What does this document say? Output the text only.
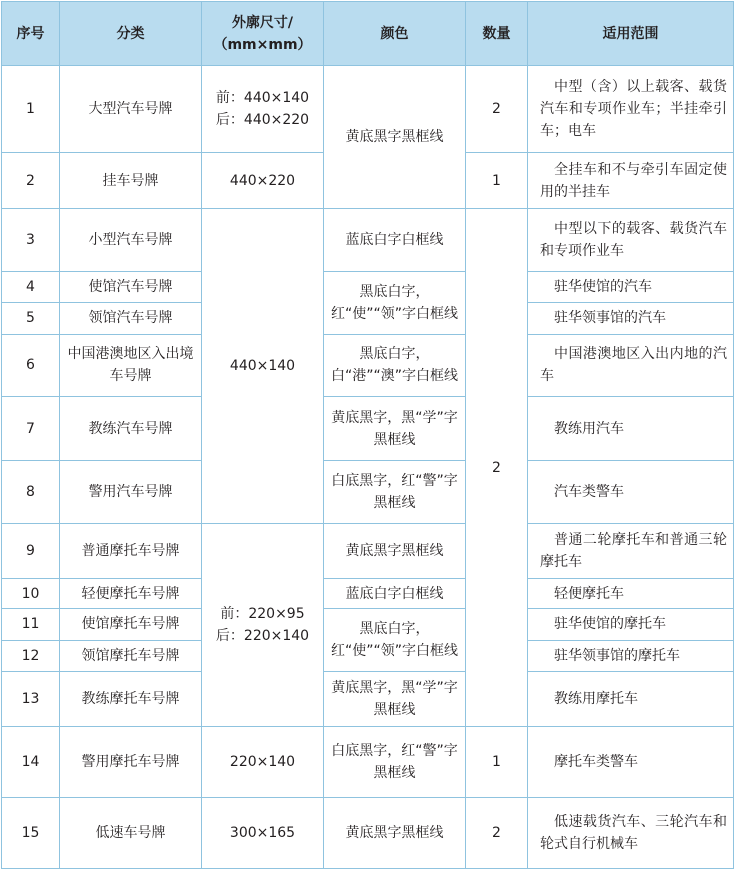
序号	分类	外廓尺寸/
（mm×mm）	颜色	数量	适用范围
1	大型汽车号牌	前：440×140
后：440×220	黄底黑字黑框线	2	中型（含）以上载客、载货汽车和专项作业车；半挂牵引车；电车
2	挂车号牌	440×220		1	全挂车和不与牵引车固定使用的半挂车
3	小型汽车号牌	440×140	蓝底白字白框线	2	中型以下的载客、载货汽车和专项作业车
4	使馆汽车号牌		黑底白字，红“使”“领”字白框线		驻华使馆的汽车
5	领馆汽车号牌				驻华领事馆的汽车
6	中国港澳地区入出境车号牌		黑底白字，白“港”“澳”字白框线		中国港澳地区入出内地的汽车
7	教练汽车号牌		黄底黑字，黑“学”字黑框线		教练用汽车
8	警用汽车号牌		白底黑字，红“警”字黑框线		汽车类警车
9	普通摩托车号牌	前：220×95
后：220×140	黄底黑字黑框线		普通二轮摩托车和普通三轮摩托车
10	轻便摩托车号牌		蓝底白字白框线		轻便摩托车
11	使馆摩托车号牌		黑底白字，红“使”“领”字白框线		驻华使馆的摩托车
12	领馆摩托车号牌				驻华领事馆的摩托车
13	教练摩托车号牌		黄底黑字，黑“学”字黑框线		教练用摩托车
14	警用摩托车号牌	220×140	白底黑字，红“警”字黑框线	1	摩托车类警车
15	低速车号牌	300×165	黄底黑字黑框线	2	低速载货汽车、三轮汽车和轮式自行机械车
